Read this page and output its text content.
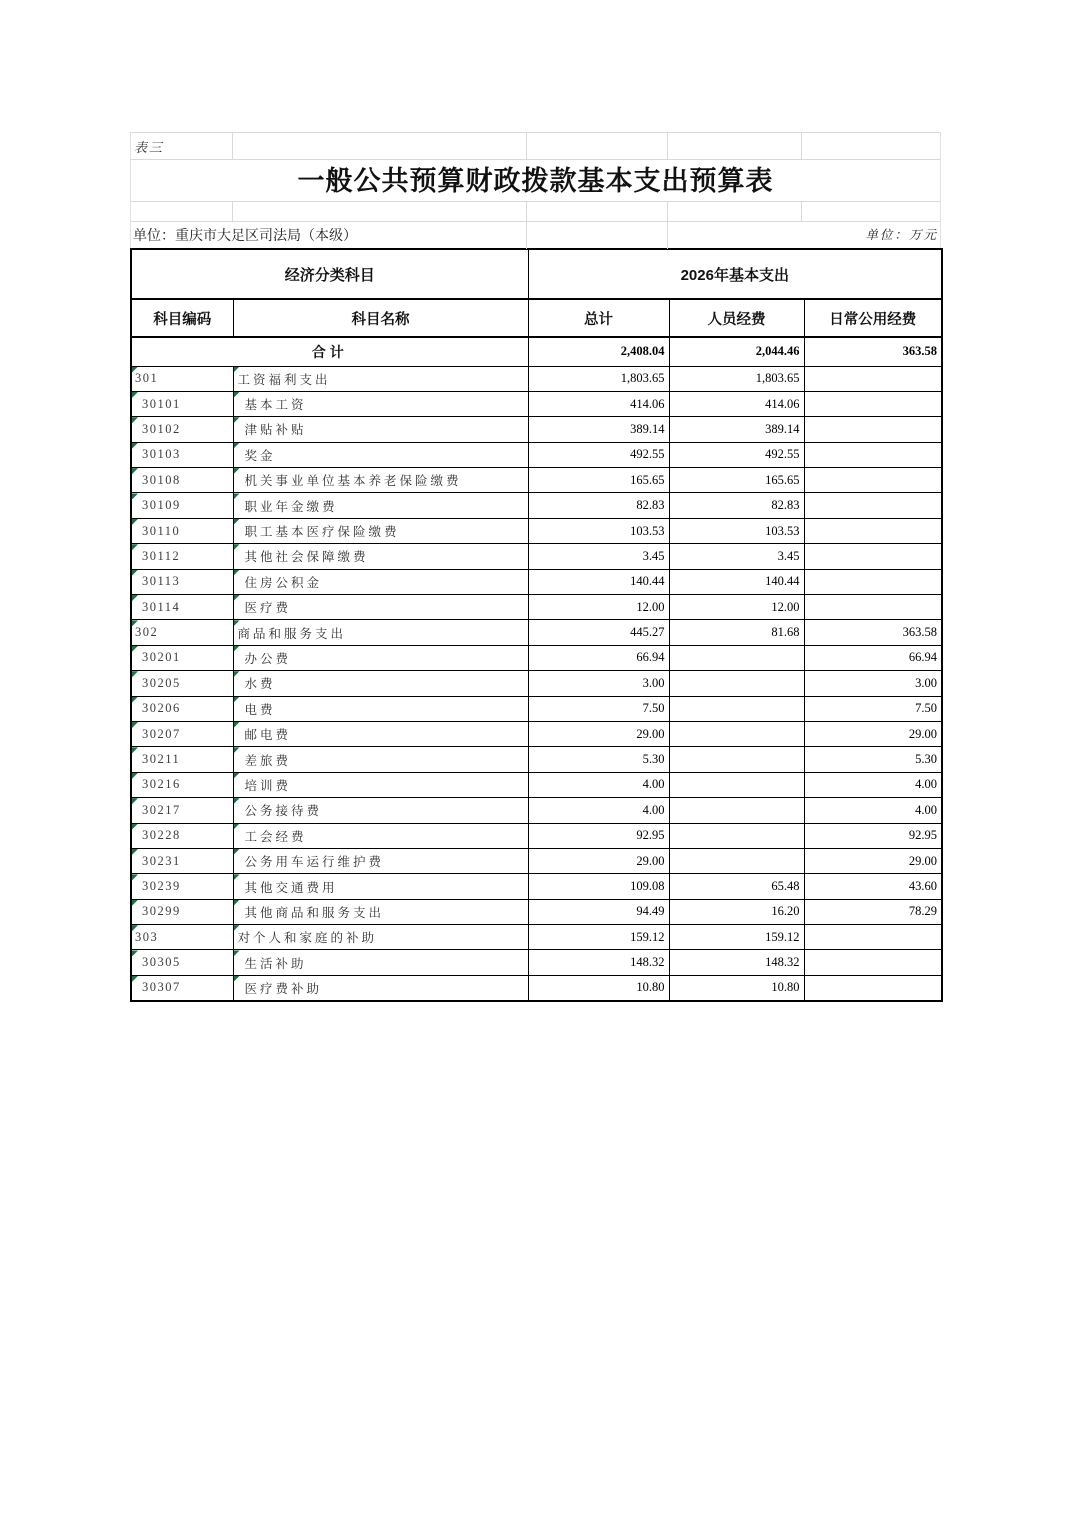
表三
一般公共预算财政拨款基本支出预算表
单位：重庆市大足区司法局（本级）	单位：万元
经济分类科目		2026年基本支出		
科目编码	科目名称	总计	人员经费	日常公用经费
合计		2,408.04	2,044.46	363.58

301	工资福利支出	1,803.65	1,803.65	

30101	基本工资	414.06	414.06	

30102	津贴补贴	389.14	389.14	

30103	奖金	492.55	492.55	

30108	机关事业单位基本养老保险缴费	165.65	165.65	

30109	职业年金缴费	82.83	82.83	

30110	职工基本医疗保险缴费	103.53	103.53	

30112	其他社会保障缴费	3.45	3.45	

30113	住房公积金	140.44	140.44	

30114	医疗费	12.00	12.00	

302	商品和服务支出	445.27	81.68	363.58

30201	办公费	66.94		66.94

30205	水费	3.00		3.00

30206	电费	7.50		7.50

30207	邮电费	29.00		29.00

30211	差旅费	5.30		5.30

30216	培训费	4.00		4.00

30217	公务接待费	4.00		4.00

30228	工会经费	92.95		92.95

30231	公务用车运行维护费	29.00		29.00

30239	其他交通费用	109.08	65.48	43.60

30299	其他商品和服务支出	94.49	16.20	78.29

303	对个人和家庭的补助	159.12	159.12	

30305	生活补助	148.32	148.32	

30307	医疗费补助	10.80	10.80	
